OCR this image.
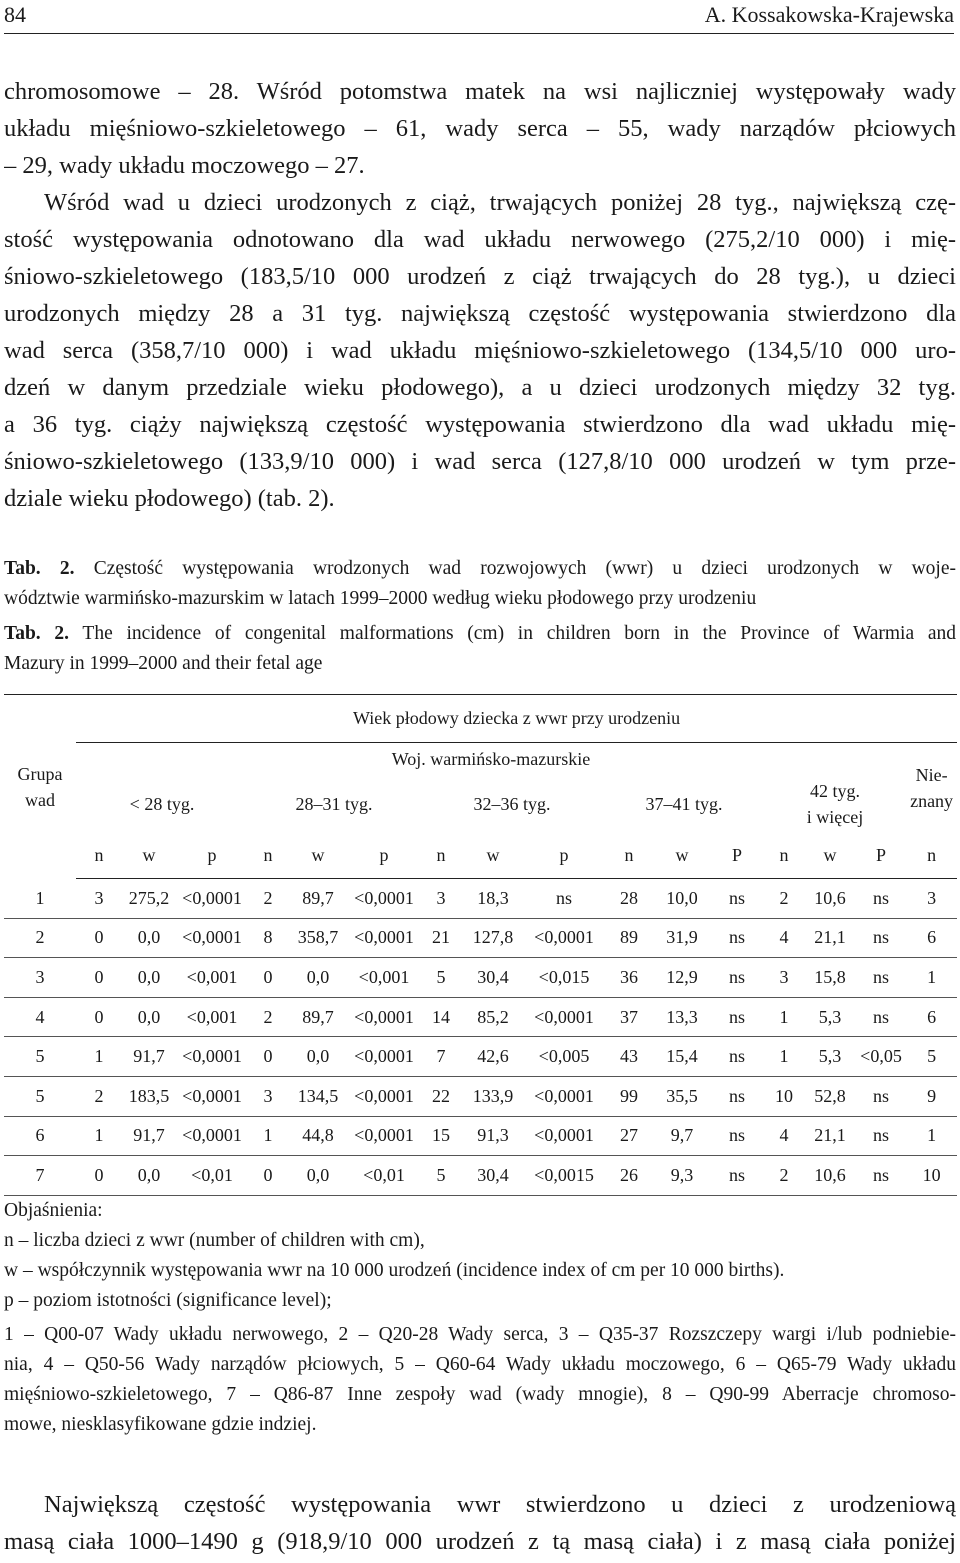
84	A. Kossakowska-Krajewska
chromosomowe – 28. Wśród potomstwa matek na wsi najliczniej występowały wady
układu mięśniowo-szkieletowego – 61, wady serca – 55, wady narządów płciowych
– 29, wady układu moczowego – 27.
Wśród wad u dzieci urodzonych z ciąż, trwających poniżej 28 tyg., największą czę-
stość występowania odnotowano dla wad układu nerwowego (275,2/10 000) i mię-
śniowo-szkieletowego (183,5/10 000 urodzeń z ciąż trwających do 28 tyg.), u dzieci
urodzonych między 28 a 31 tyg. największą częstość występowania stwierdzono dla
wad serca (358,7/10 000) i wad układu mięśniowo-szkieletowego (134,5/10 000 uro-
dzeń w danym przedziale wieku płodowego), a u dzieci urodzonych między 32 tyg.
a 36 tyg. ciąży największą częstość występowania stwierdzono dla wad układu mię-
śniowo-szkieletowego (133,9/10 000) i wad serca (127,8/10 000 urodzeń w tym prze-
dziale wieku płodowego) (tab. 2).
Tab. 2. Częstość występowania wrodzonych wad rozwojowych (wwr) u dzieci urodzonych w woje-
wództwie warmińsko-mazurskim w latach 1999–2000 według wieku płodowego przy urodzeniu
Tab. 2. The incidence of congenital malformations (cm) in children born in the Province of Warmia and
Mazury in 1999–2000 and their fetal age
Grupa
wad	Wiek płodowy dziecka z wwr przy urodzeniu															
	Woj. warmińsko-mazurskie															Nie-
znany
	< 28 tyg.			28–31 tyg.			32–36 tyg.			37–41 tyg.			42 tyg.
i więcej			
	n	w	p	n	w	p	n	w	p	n	w	P	n	w	P	n
1	3	275,2	<0,0001	2	89,7	<0,0001	3	18,3	ns	28	10,0	ns	2	10,6	ns	3
2	0	0,0	<0,0001	8	358,7	<0,0001	21	127,8	<0,0001	89	31,9	ns	4	21,1	ns	6
3	0	0,0	<0,001	0	0,0	<0,001	5	30,4	<0,015	36	12,9	ns	3	15,8	ns	1
4	0	0,0	<0,001	2	89,7	<0,0001	14	85,2	<0,0001	37	13,3	ns	1	5,3	ns	6
5	1	91,7	<0,0001	0	0,0	<0,0001	7	42,6	<0,005	43	15,4	ns	1	5,3	<0,05	5
5	2	183,5	<0,0001	3	134,5	<0,0001	22	133,9	<0,0001	99	35,5	ns	10	52,8	ns	9
6	1	91,7	<0,0001	1	44,8	<0,0001	15	91,3	<0,0001	27	9,7	ns	4	21,1	ns	1
7	0	0,0	<0,01	0	0,0	<0,01	5	30,4	<0,0015	26	9,3	ns	2	10,6	ns	10
Objaśnienia:
n – liczba dzieci z wwr (number of children with cm),
w – współczynnik występowania wwr na 10 000 urodzeń (incidence index of cm per 10 000 births).
p – poziom istotności (significance level);
1 – Q00-07 Wady układu nerwowego, 2 – Q20-28 Wady serca, 3 – Q35-37 Rozszczepy wargi i/lub podniebie-
nia, 4 – Q50-56 Wady narządów płciowych, 5 – Q60-64 Wady układu moczowego, 6 – Q65-79 Wady układu
mięśniowo-szkieletowego, 7 – Q86-87 Inne zespoły wad (wady mnogie), 8 – Q90-99 Aberracje chromoso-
mowe, niesklasyfikowane gdzie indziej.
Największą częstość występowania wwr stwierdzono u dzieci z urodzeniową
masą ciała 1000–1490 g (918,9/10 000 urodzeń z tą masą ciała) i z masą ciała poniżej
